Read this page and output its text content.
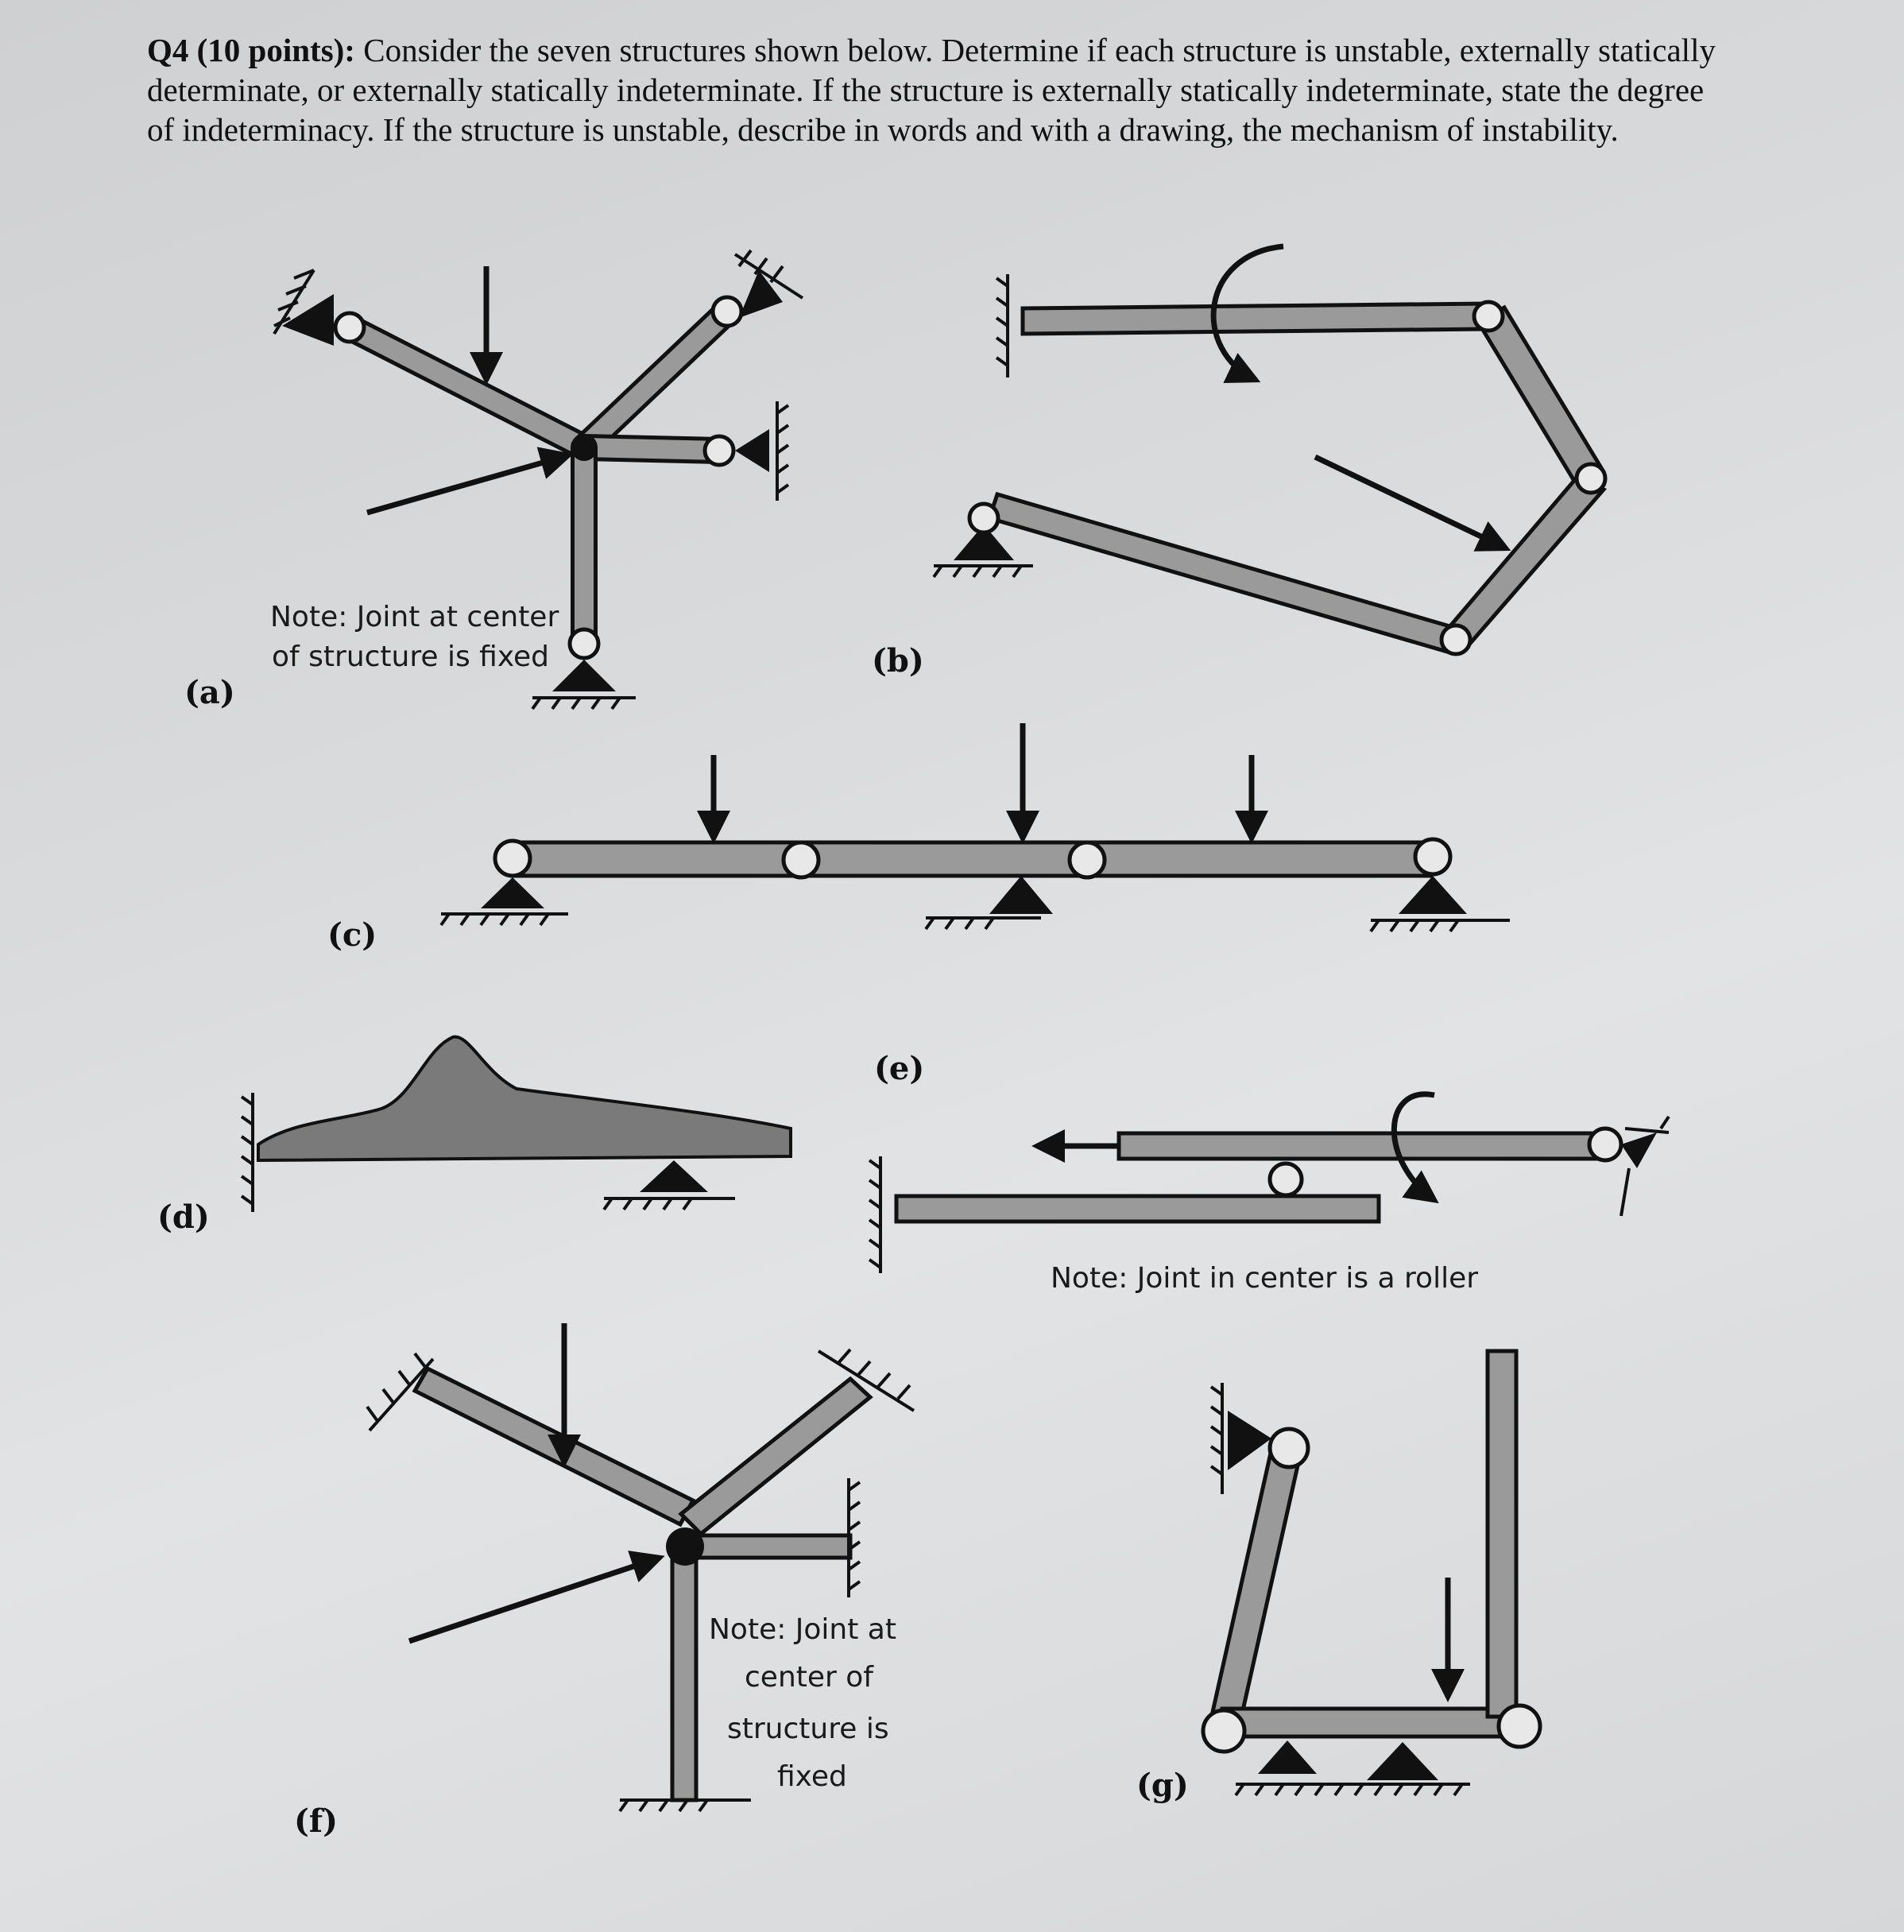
Q4 (10 points): Consider the seven structures shown below. Determine if each structure is unstable, externally statically determinate, or externally statically indeterminate. If the structure is externally statically indeterminate, state the degree of indeterminacy. If the structure is unstable, describe in words and with a drawing, the mechanism of instability.

Note: Joint at center
of structure is fixed
(a)
(b)
(c)
(d)
(e)
Note: Joint in center is a roller
Note: Joint at
center of
structure is
fixed
(f)
(g)
